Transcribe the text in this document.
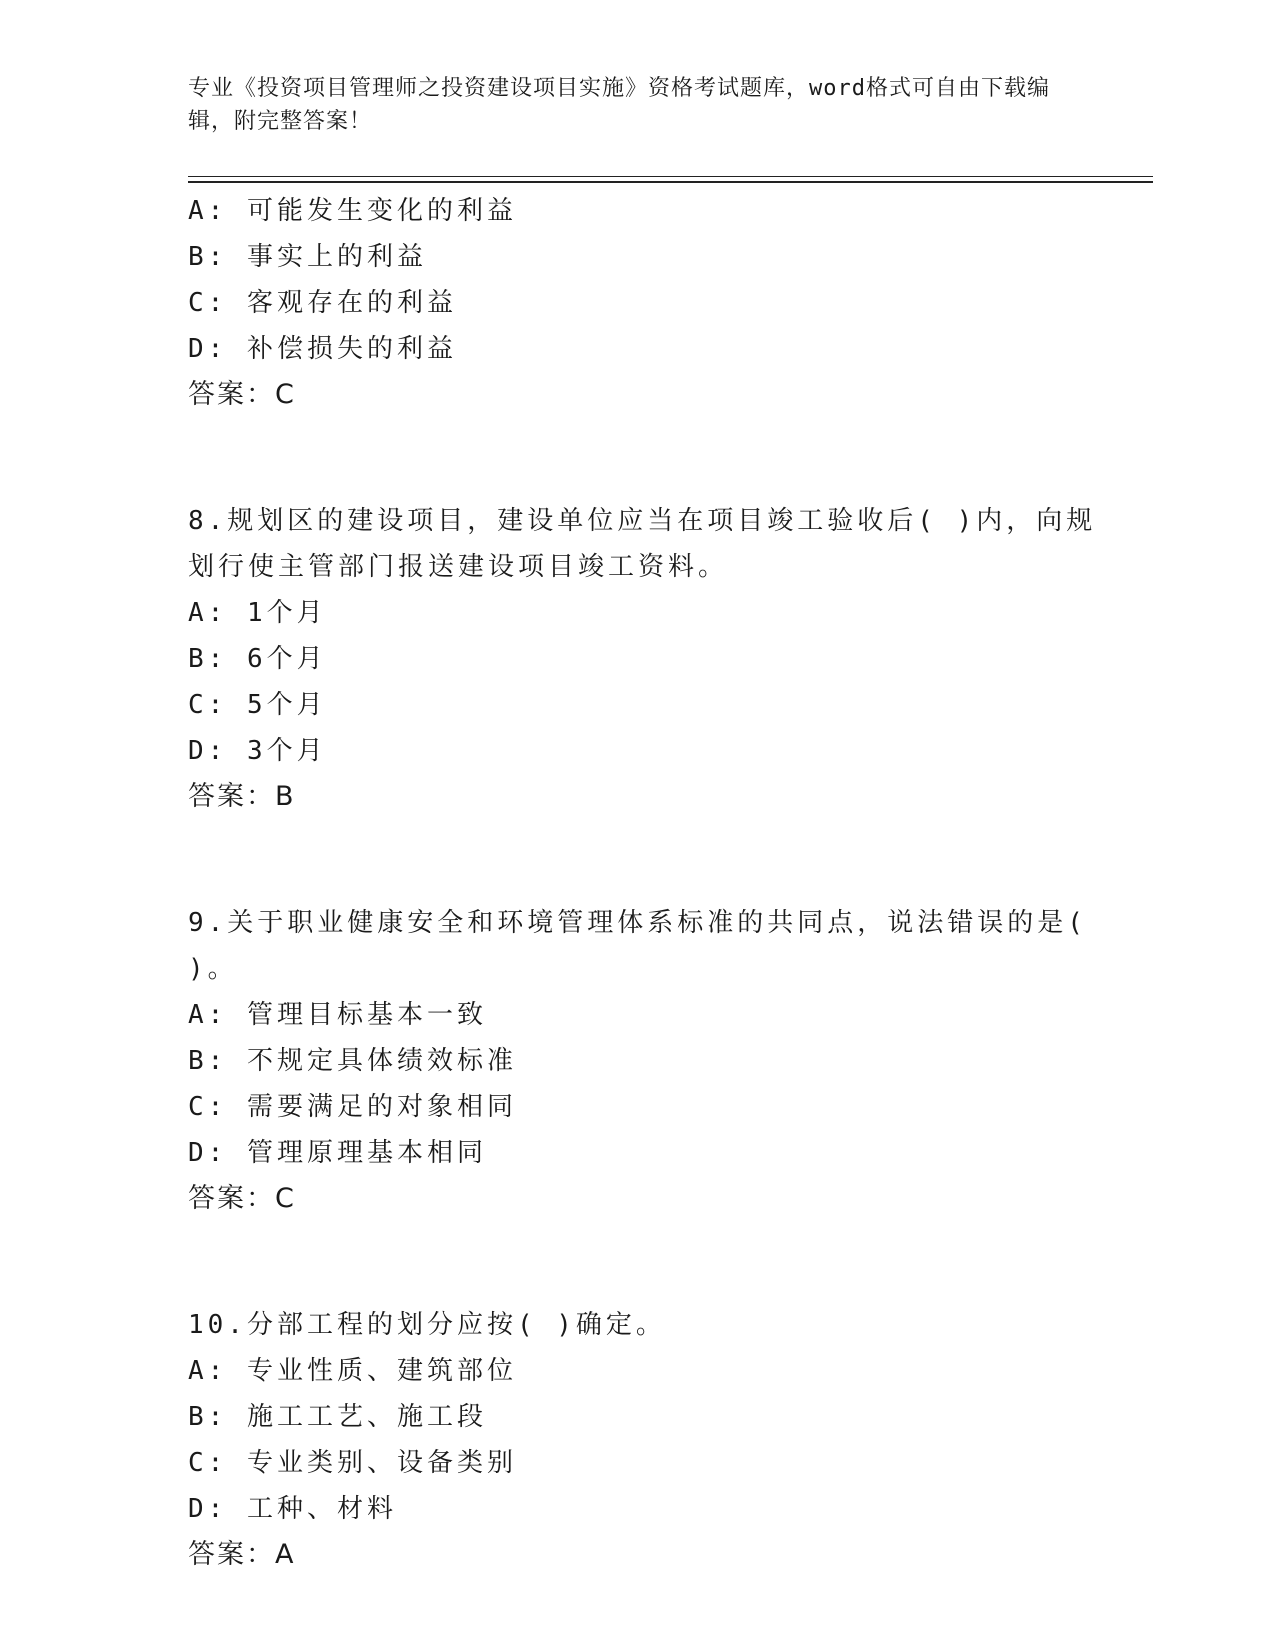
专业《投资项目管理师之投资建设项目实施》资格考试题库，word格式可自由下载编辑，附完整答案！
A: 可能发生变化的利益
B: 事实上的利益
C: 客观存在的利益
D: 补偿损失的利益
答案：C
8.规划区的建设项目，建设单位应当在项目竣工验收后( )内，向规
划行使主管部门报送建设项目竣工资料。
A: 1个月
B: 6个月
C: 5个月
D: 3个月
答案：B
9.关于职业健康安全和环境管理体系标准的共同点，说法错误的是(
)。
A: 管理目标基本一致
B: 不规定具体绩效标准
C: 需要满足的对象相同
D: 管理原理基本相同
答案：C
10.分部工程的划分应按( )确定。
A: 专业性质、建筑部位
B: 施工工艺、施工段
C: 专业类别、设备类别
D: 工种、材料
答案：A
